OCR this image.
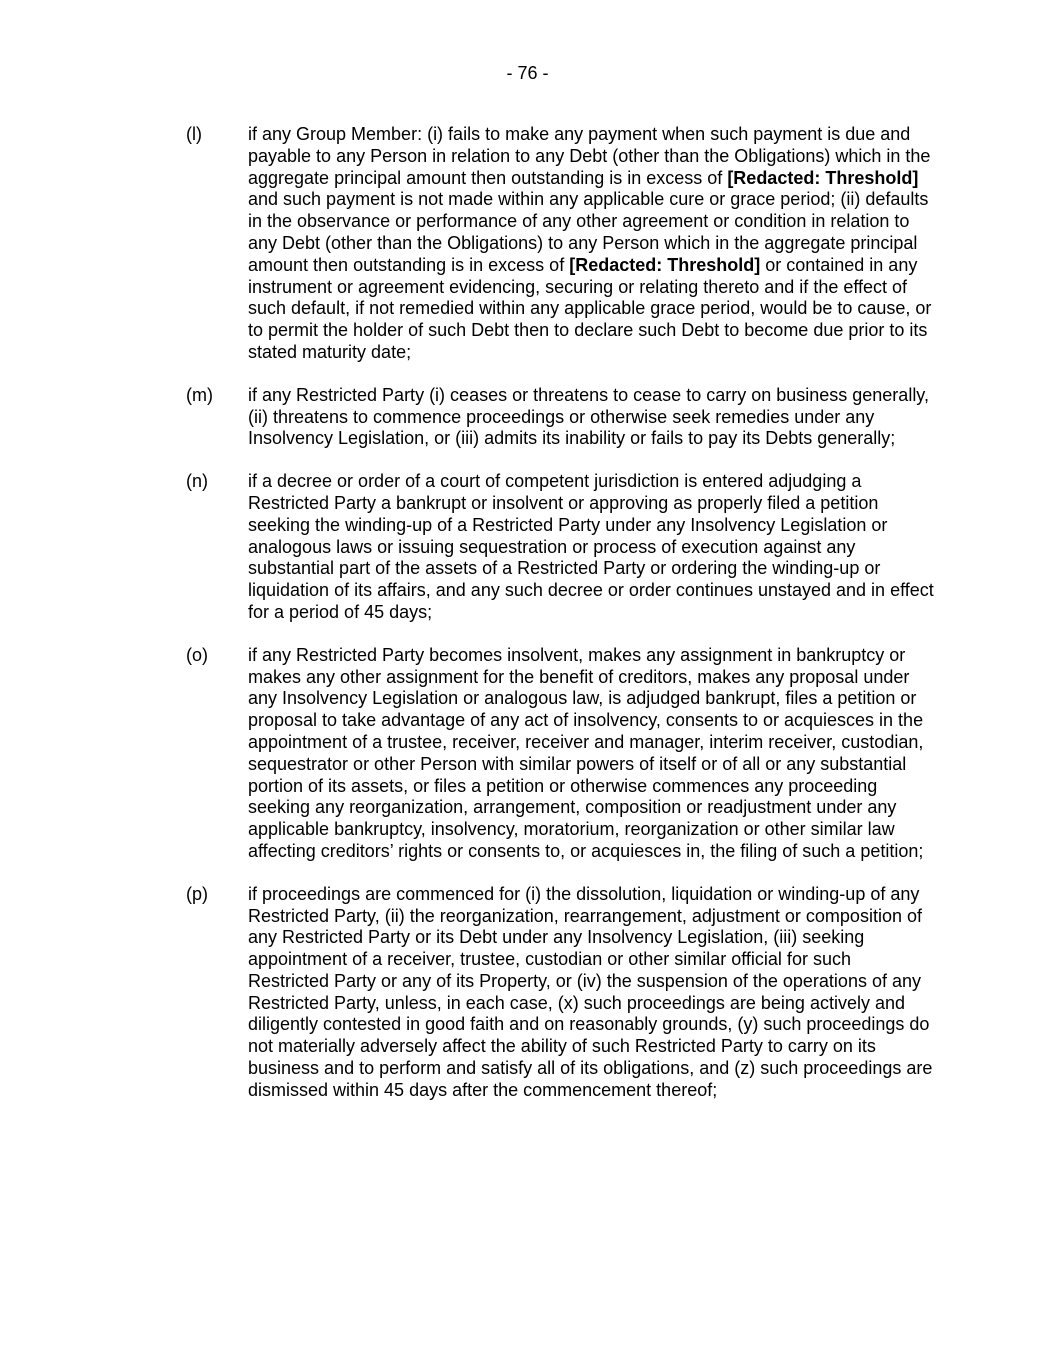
- 76 -
(l)	if any Group Member: (i) fails to make any payment when such payment is due and payable to any Person in relation to any Debt (other than the Obligations) which in the aggregate principal amount then outstanding is in excess of [Redacted: Threshold] and such payment is not made within any applicable cure or grace period; (ii) defaults in the observance or performance of any other agreement or condition in relation to any Debt (other than the Obligations) to any Person which in the aggregate principal amount then outstanding is in excess of [Redacted: Threshold] or contained in any instrument or agreement evidencing, securing or relating thereto and if the effect of such default, if not remedied within any applicable grace period, would be to cause, or to permit the holder of such Debt then to declare such Debt to become due prior to its stated maturity date;
(m) if any Restricted Party (i) ceases or threatens to cease to carry on business generally, (ii) threatens to commence proceedings or otherwise seek remedies under any Insolvency Legislation, or (iii) admits its inability or fails to pay its Debts generally;
(n) if a decree or order of a court of competent jurisdiction is entered adjudging a Restricted Party a bankrupt or insolvent or approving as properly filed a petition seeking the winding-up of a Restricted Party under any Insolvency Legislation or analogous laws or issuing sequestration or process of execution against any substantial part of the assets of a Restricted Party or ordering the winding-up or liquidation of its affairs, and any such decree or order continues unstayed and in effect for a period of 45 days;
(o) if any Restricted Party becomes insolvent, makes any assignment in bankruptcy or makes any other assignment for the benefit of creditors, makes any proposal under any Insolvency Legislation or analogous law, is adjudged bankrupt, files a petition or proposal to take advantage of any act of insolvency, consents to or acquiesces in the appointment of a trustee, receiver, receiver and manager, interim receiver, custodian, sequestrator or other Person with similar powers of itself or of all or any substantial portion of its assets, or files a petition or otherwise commences any proceeding seeking any reorganization, arrangement, composition or readjustment under any applicable bankruptcy, insolvency, moratorium, reorganization or other similar law affecting creditors’ rights or consents to, or acquiesces in, the filing of such a petition;
(p) if proceedings are commenced for (i) the dissolution, liquidation or winding-up of any Restricted Party, (ii) the reorganization, rearrangement, adjustment or composition of any Restricted Party or its Debt under any Insolvency Legislation, (iii) seeking appointment of a receiver, trustee, custodian or other similar official for such Restricted Party or any of its Property, or (iv) the suspension of the operations of any Restricted Party, unless, in each case, (x) such proceedings are being actively and diligently contested in good faith and on reasonably grounds, (y) such proceedings do not materially adversely affect the ability of such Restricted Party to carry on its business and to perform and satisfy all of its obligations, and (z) such proceedings are dismissed within 45 days after the commencement thereof;
